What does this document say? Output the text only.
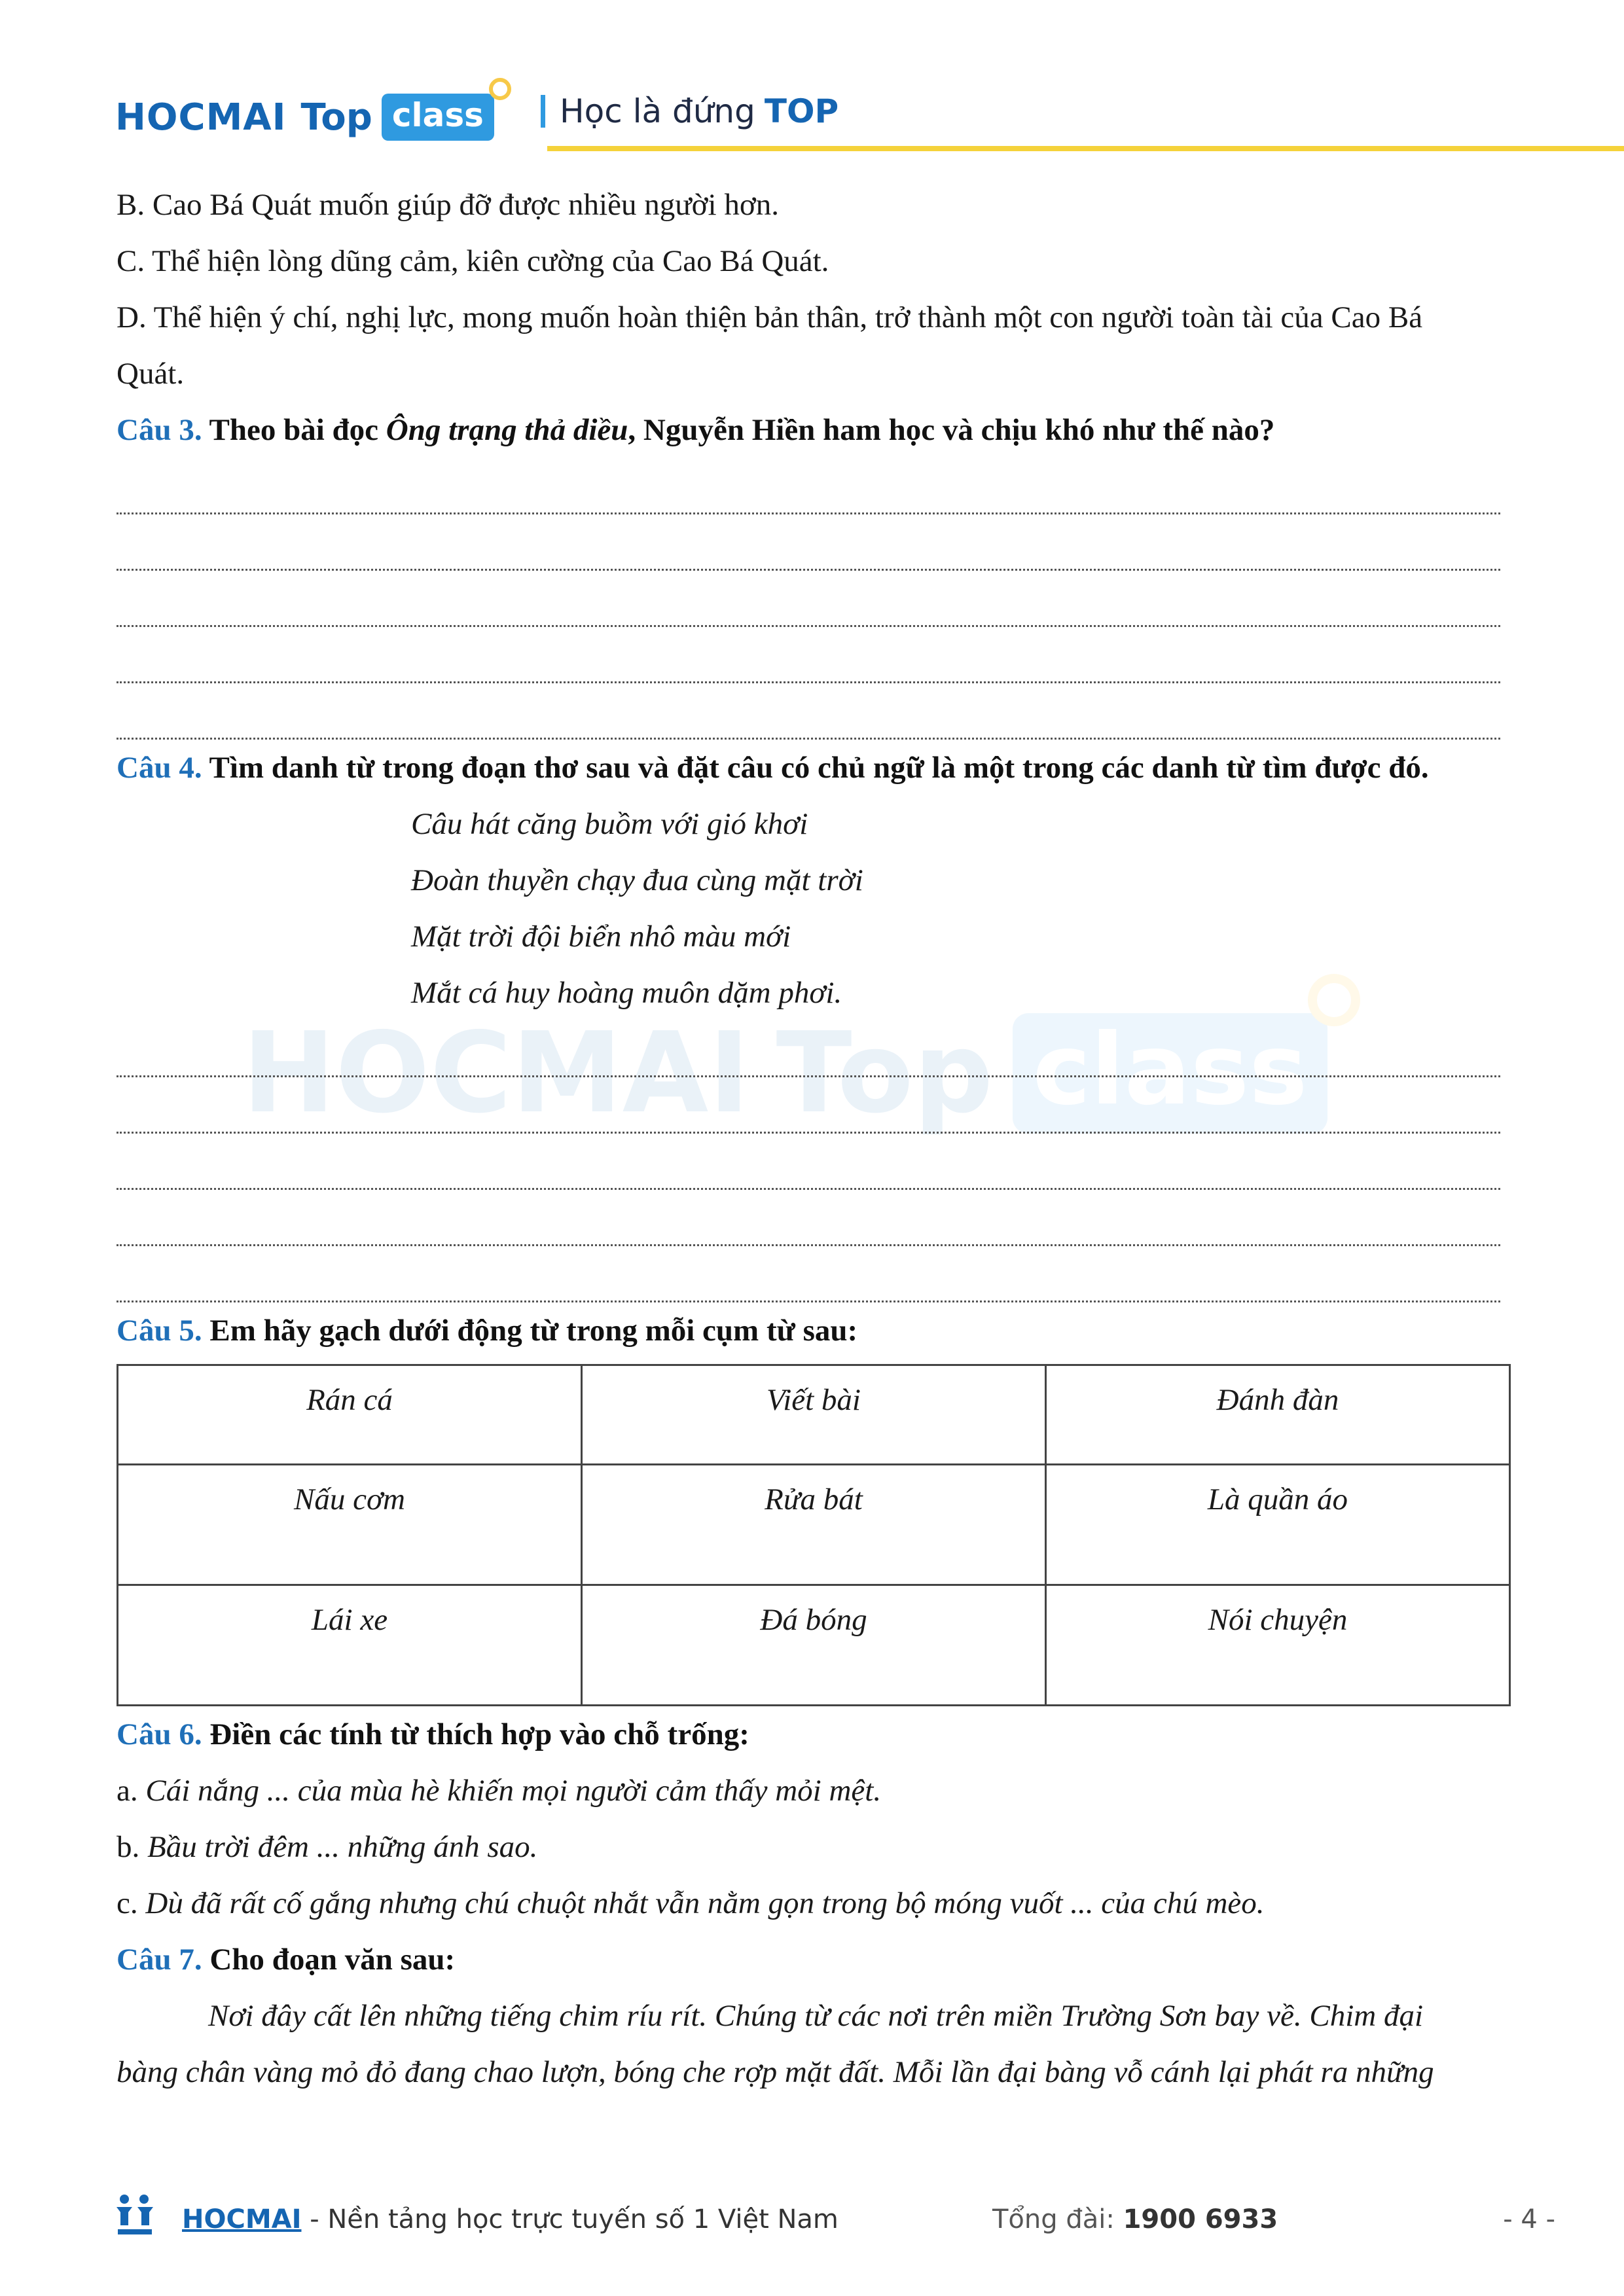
HOCMAI Top class	Học là đứng TOP
HOCMAI Top class
B. Cao Bá Quát muốn giúp đỡ được nhiều người hơn.
C. Thể hiện lòng dũng cảm, kiên cường của Cao Bá Quát.
D. Thể hiện ý chí, nghị lực, mong muốn hoàn thiện bản thân, trở thành một con người toàn tài của Cao Bá
Quát.
Câu 3. Theo bài đọc Ông trạng thả diều, Nguyễn Hiền ham học và chịu khó như thế nào?
Câu 4. Tìm danh từ trong đoạn thơ sau và đặt câu có chủ ngữ là một trong các danh từ tìm được đó.
Câu hát căng buồm với gió khơi
Đoàn thuyền chạy đua cùng mặt trời
Mặt trời đội biển nhô màu mới
Mắt cá huy hoàng muôn dặm phơi.
Câu 5. Em hãy gạch dưới động từ trong mỗi cụm từ sau:
Rán cá	Viết bài	Đánh đàn
Nấu cơm	Rửa bát	Là quần áo
Lái xe	Đá bóng	Nói chuyện
Câu 6. Điền các tính từ thích hợp vào chỗ trống:
a. Cái nắng ... của mùa hè khiến mọi người cảm thấy mỏi mệt.
b. Bầu trời đêm ... những ánh sao.
c. Dù đã rất cố gắng nhưng chú chuột nhắt vẫn nằm gọn trong bộ móng vuốt ... của chú mèo.
Câu 7. Cho đoạn văn sau:
Nơi đây cất lên những tiếng chim ríu rít. Chúng từ các nơi trên miền Trường Sơn bay về. Chim đại
bàng chân vàng mỏ đỏ đang chao lượn, bóng che rợp mặt đất. Mỗi lần đại bàng vỗ cánh lại phát ra những
HOCMAI - Nền tảng học trực tuyến số 1 Việt Nam	Tổng đài: 1900 6933	- 4 -
